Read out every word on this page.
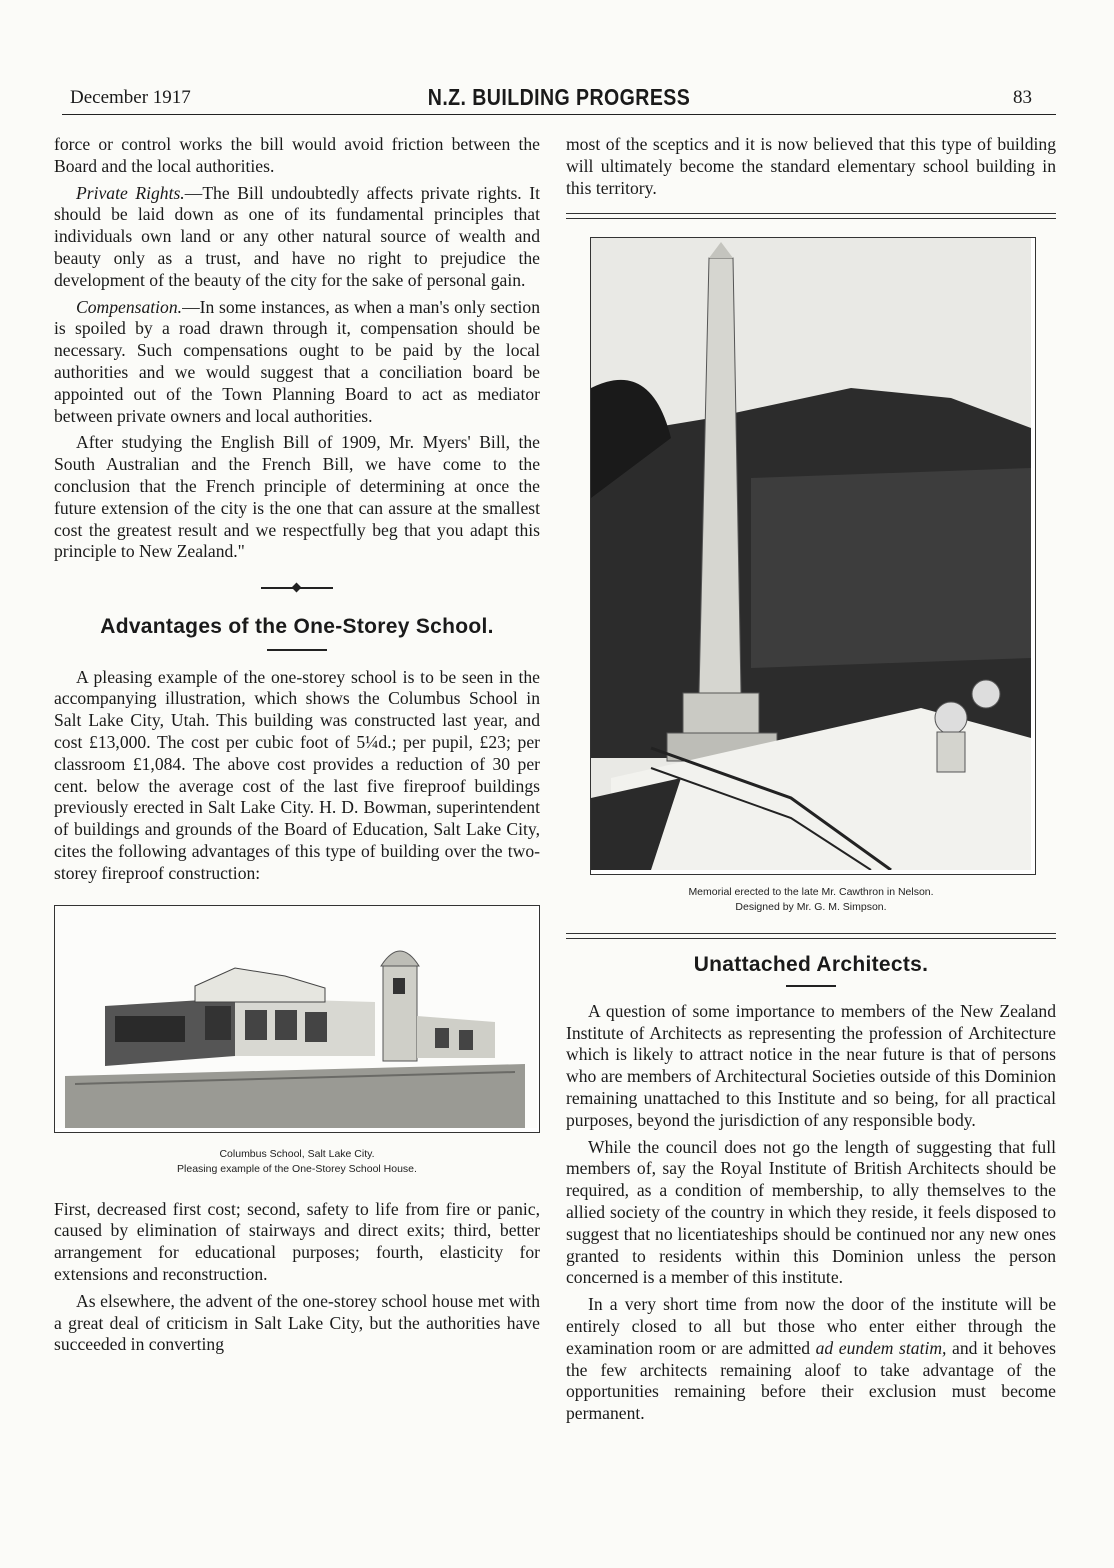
December 1917	N.Z. BUILDING PROGRESS	83

force or control works the bill would avoid friction between the Board and the local authorities.

Private Rights.—The Bill undoubtedly affects private rights. It should be laid down as one of its fundamental principles that individuals own land or any other natural source of wealth and beauty only as a trust, and have no right to prejudice the development of the beauty of the city for the sake of personal gain.

Compensation.—In some instances, as when a man's only section is spoiled by a road drawn through it, compensation should be necessary. Such compensations ought to be paid by the local authorities and we would suggest that a conciliation board be appointed out of the Town Planning Board to act as mediator between private owners and local authorities.

After studying the English Bill of 1909, Mr. Myers' Bill, the South Australian and the French Bill, we have come to the conclusion that the French principle of determining at once the future extension of the city is the one that can assure at the smallest cost the greatest result and we respectfully beg that you adapt this principle to New Zealand."

Advantages of the One-Storey School.

A pleasing example of the one-storey school is to be seen in the accompanying illustration, which shows the Columbus School in Salt Lake City, Utah. This building was constructed last year, and cost £13,000. The cost per cubic foot of 5¼d.; per pupil, £23; per classroom £1,084. The above cost provides a reduction of 30 per cent. below the average cost of the last five fireproof buildings previously erected in Salt Lake City. H. D. Bowman, superintendent of buildings and grounds of the Board of Education, Salt Lake City, cites the following advantages of this type of building over the two-storey fireproof construction:

Columbus School, Salt Lake City.
Pleasing example of the One-Storey School House.

First, decreased first cost; second, safety to life from fire or panic, caused by elimination of stairways and direct exits; third, better arrangement for educational purposes; fourth, elasticity for extensions and reconstruction.

As elsewhere, the advent of the one-storey school house met with a great deal of criticism in Salt Lake City, but the authorities have succeeded in converting

most of the sceptics and it is now believed that this type of building will ultimately become the standard elementary school building in this territory.

Memorial erected to the late Mr. Cawthron in Nelson.
Designed by Mr. G. M. Simpson.
Unattached Architects.

A question of some importance to members of the New Zealand Institute of Architects as representing the profession of Architecture which is likely to attract notice in the near future is that of persons who are members of Architectural Societies outside of this Dominion remaining unattached to this Institute and so being, for all practical purposes, beyond the jurisdiction of any responsible body.

While the council does not go the length of suggesting that full members of, say the Royal Institute of British Architects should be required, as a condition of membership, to ally themselves to the allied society of the country in which they reside, it feels disposed to suggest that no licentiateships should be continued nor any new ones granted to residents within this Dominion unless the person concerned is a member of this institute.

In a very short time from now the door of the institute will be entirely closed to all but those who enter either through the examination room or are admitted ad eundem statim, and it behoves the few architects remaining aloof to take advantage of the opportunities remaining before their exclusion must become permanent.
